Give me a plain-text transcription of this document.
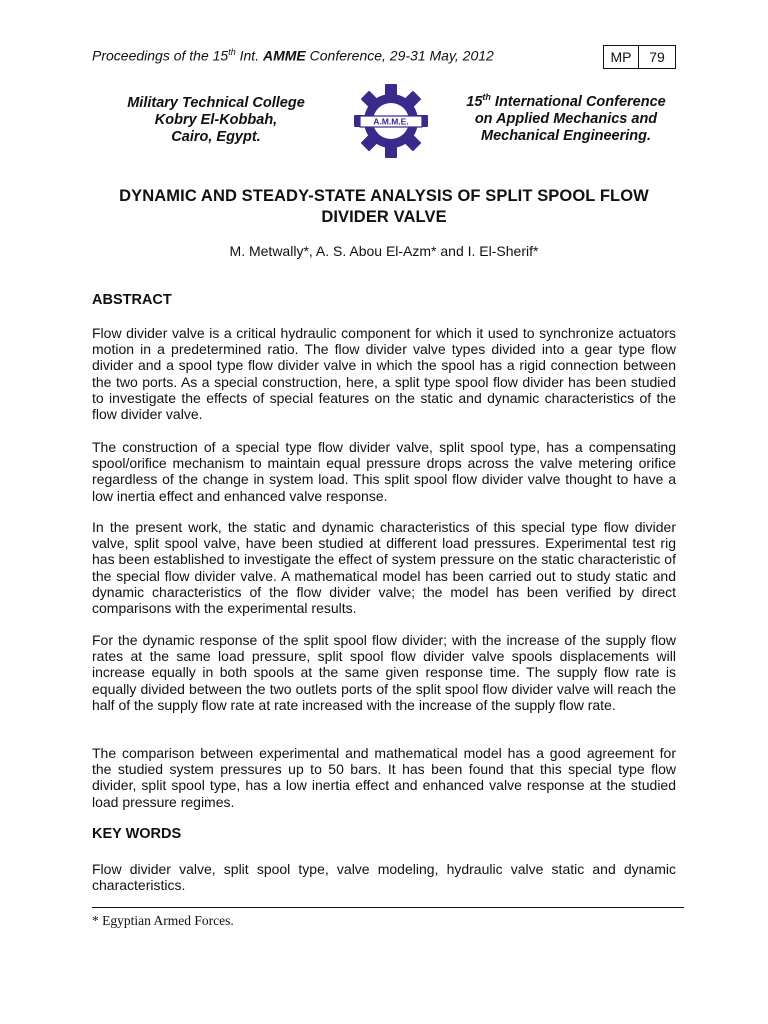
Proceedings of the 15th Int. AMME Conference, 29-31 May, 2012	MP	79
Military Technical College
Kobry El-Kobbah,
Cairo, Egypt.
A.M.M.E.
15th International Conference
on Applied Mechanics and
Mechanical Engineering.
DYNAMIC AND STEADY-STATE ANALYSIS OF SPLIT SPOOL FLOW DIVIDER VALVE
M. Metwally*, A. S. Abou El-Azm* and I. El-Sherif*
ABSTRACT

Flow divider valve is a critical hydraulic component for which it used to synchronize actuators motion in a predetermined ratio. The flow divider valve types divided into a gear type flow divider and a spool type flow divider valve in which the spool has a rigid connection between the two ports. As a special construction, here, a split type spool flow divider has been studied to investigate the effects of special features on the static and dynamic characteristics of the flow divider valve.

The construction of a special type flow divider valve, split spool type, has a compensating spool/orifice mechanism to maintain equal pressure drops across the valve metering orifice regardless of the change in system load. This split spool flow divider valve thought to have a low inertia effect and enhanced valve response.

In the present work, the static and dynamic characteristics of this special type flow divider valve, split spool valve, have been studied at different load pressures. Experimental test rig has been established to investigate the effect of system pressure on the static characteristic of the special flow divider valve. A mathematical model has been carried out to study static and dynamic characteristics of the flow divider valve; the model has been verified by direct comparisons with the experimental results.

For the dynamic response of the split spool flow divider; with the increase of the supply flow rates at the same load pressure, split spool flow divider valve spools displacements will increase equally in both spools at the same given response time. The supply flow rate is equally divided between the two outlets ports of the split spool flow divider valve will reach the half of the supply flow rate at rate increased with the increase of the supply flow rate.

The comparison between experimental and mathematical model has a good agreement for the studied system pressures up to 50 bars. It has been found that this special type flow divider, split spool type, has a low inertia effect and enhanced valve response at the studied load pressure regimes.

KEY WORDS

Flow divider valve, split spool type, valve modeling, hydraulic valve static and dynamic characteristics.

* Egyptian Armed Forces.
